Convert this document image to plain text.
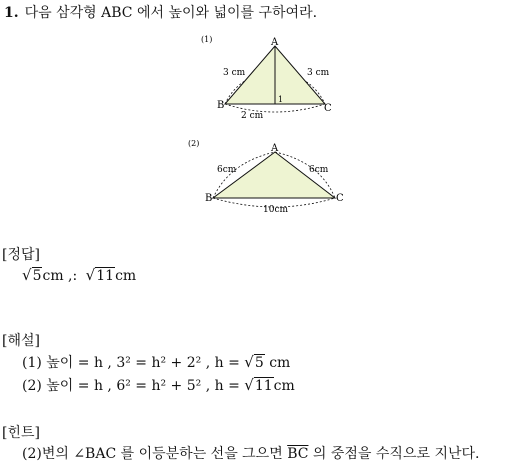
1. 다음 삼각형 ABC 에서 높이와 넓이를 구하여라.
(1)	A
B	C
3 cm	3 cm
2 cm
1
(2)	A
B	C
6cm	6cm
10cm
[정답]
√5cm ,: √11cm
[해설]
(1) 높이 = h , 3² = h² + 2² , h = √5 cm
(2) 높이 = h , 6² = h² + 5² , h = √11cm
[힌트]
(2)변의 ∠BAC 를 이등분하는 선을 그으면 $\overline{BC}$ 의 중점을 수직으로 지난다.
